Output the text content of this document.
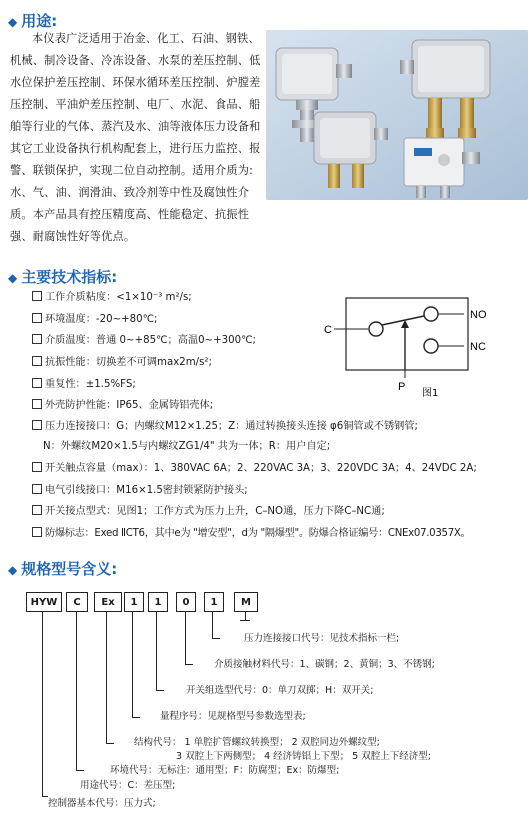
◆ 用途:
本仪表广泛适用于冶金、化工、石油、钢铁、
机械、制冷设备、冷冻设备、水泵的差压控制、低
水位保护差压控制、环保水循环差压控制、炉膛差
压控制、平油炉差压控制、电厂、水泥、食品、船
舶等行业的气体、蒸汽及水、油等液体压力设备和
其它工业设备执行机构配套上，进行压力监控、报
警、联锁保护，实现二位自动控制。适用介质为:
水、气、油、润滑油、致冷剂等中性及腐蚀性介
质。本产品具有控压精度高、性能稳定、抗振性
强、耐腐蚀性好等优点。
◆ 主要技术指标:
工作介质粘度：<1×10⁻³ m²/s;
环境温度：-20~+80℃;
介质温度：普通 0~+85℃；高温0~+300℃;
抗振性能：切换差不可调max2m/s²;
重复性：±1.5%FS;
外壳防护性能：IP65、金属铸铝壳体;
压力连接接口：G；内螺纹M12×1.25；Z：通过转换接头连接 φ6铜管或不锈钢管;
N：外螺纹M20×1.5与内螺纹ZG1/4" 共为一体；R：用户自定;
开关触点容量（max）：1、380VAC 6A；2、220VAC 3A；3、220VDC 3A；4、24VDC 2A;
电气引线接口：M16×1.5密封锁紧防护接头;
开关接点型式：见图1；工作方式为压力上升，C–NO通，压力下降C–NC通;
防爆标志：Exed ⅡCT6，其中e为 "增安型"，d为 "隔爆型"。防爆合格证编号：CNEx07.0357X。
C
NO
NC
P
图1
◆ 规格型号含义:
HYW	C	Ex	1	1	0	1	M
压力连接接口代号：见技术指标一栏;
介质接触材料代号：1、碳钢；2、黄铜；3、不锈钢;
开关组选型代号：0：单刀双掷；H：双开关;
量程序号：见规格型号参数选型表;
结构代号： 1 单腔扩管螺纹转换型； 2 双腔同边外螺纹型;
3 双腔上下两侧型； 4 经济铸铝上下型； 5 双腔上下经济型;
环境代号：无标注：通用型；F：防腐型；Ex：防爆型;
用途代号：C：差压型;
控制器基本代号：压力式;
